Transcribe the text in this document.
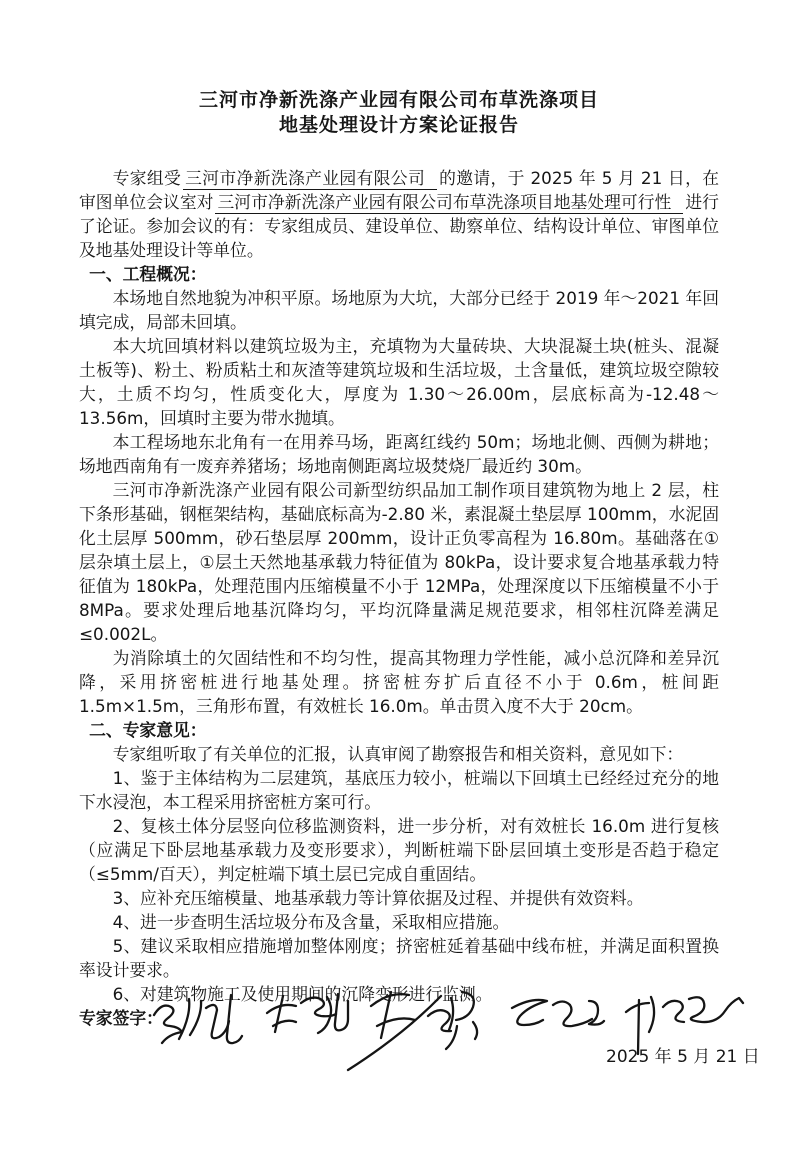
三河市净新洗涤产业园有限公司布草洗涤项目
地基处理设计方案论证报告

专家组受 三河市净新洗涤产业园有限公司 的邀请，于 2025 年 5 月 21 日，在审图单位会议室对 三河市净新洗涤产业园有限公司布草洗涤项目地基处理可行性 进行了论证。参加会议的有：专家组成员、建设单位、勘察单位、结构设计单位、审图单位及地基处理设计等单位。

一、工程概况：

本场地自然地貌为冲积平原。场地原为大坑，大部分已经于 2019 年～2021 年回填完成，局部未回填。

本大坑回填材料以建筑垃圾为主，充填物为大量砖块、大块混凝土块(桩头、混凝土板等)、粉土、粉质粘土和灰渣等建筑垃圾和生活垃圾，土含量低，建筑垃圾空隙较大，土质不均匀，性质变化大，厚度为 1.30～26.00m，层底标高为-12.48～13.56m，回填时主要为带水抛填。

本工程场地东北角有一在用养马场，距离红线约 50m；场地北侧、西侧为耕地；场地西南角有一废弃养猪场；场地南侧距离垃圾焚烧厂最近约 30m。

三河市净新洗涤产业园有限公司新型纺织品加工制作项目建筑物为地上 2 层，柱下条形基础，钢框架结构，基础底标高为-2.80 米，素混凝土垫层厚 100mm，水泥固化土层厚 500mm，砂石垫层厚 200mm，设计正负零高程为 16.80m。基础落在①层杂填土层上，①层土天然地基承载力特征值为 80kPa，设计要求复合地基承载力特征值为 180kPa，处理范围内压缩模量不小于 12MPa，处理深度以下压缩模量不小于 8MPa。要求处理后地基沉降均匀，平均沉降量满足规范要求，相邻柱沉降差满足≤0.002L。

为消除填土的欠固结性和不均匀性，提高其物理力学性能，减小总沉降和差异沉降，采用挤密桩进行地基处理。挤密桩夯扩后直径不小于 0.6m，桩间距 1.5m×1.5m，三角形布置，有效桩长 16.0m。单击贯入度不大于 20cm。

二、专家意见：

专家组听取了有关单位的汇报，认真审阅了勘察报告和相关资料，意见如下：

1、鉴于主体结构为二层建筑，基底压力较小，桩端以下回填土已经经过充分的地下水浸泡，本工程采用挤密桩方案可行。

2、复核土体分层竖向位移监测资料，进一步分析，对有效桩长 16.0m 进行复核（应满足下卧层地基承载力及变形要求），判断桩端下卧层回填土变形是否趋于稳定（≤5mm/百天），判定桩端下填土层已完成自重固结。

3、应补充压缩模量、地基承载力等计算依据及过程、并提供有效资料。

4、进一步查明生活垃圾分布及含量，采取相应措施。

5、建议采取相应措施增加整体刚度；挤密桩延着基础中线布桩，并满足面积置换率设计要求。

6、对建筑物施工及使用期间的沉降变形进行监测。

专家签字：

2025 年 5 月 21 日
